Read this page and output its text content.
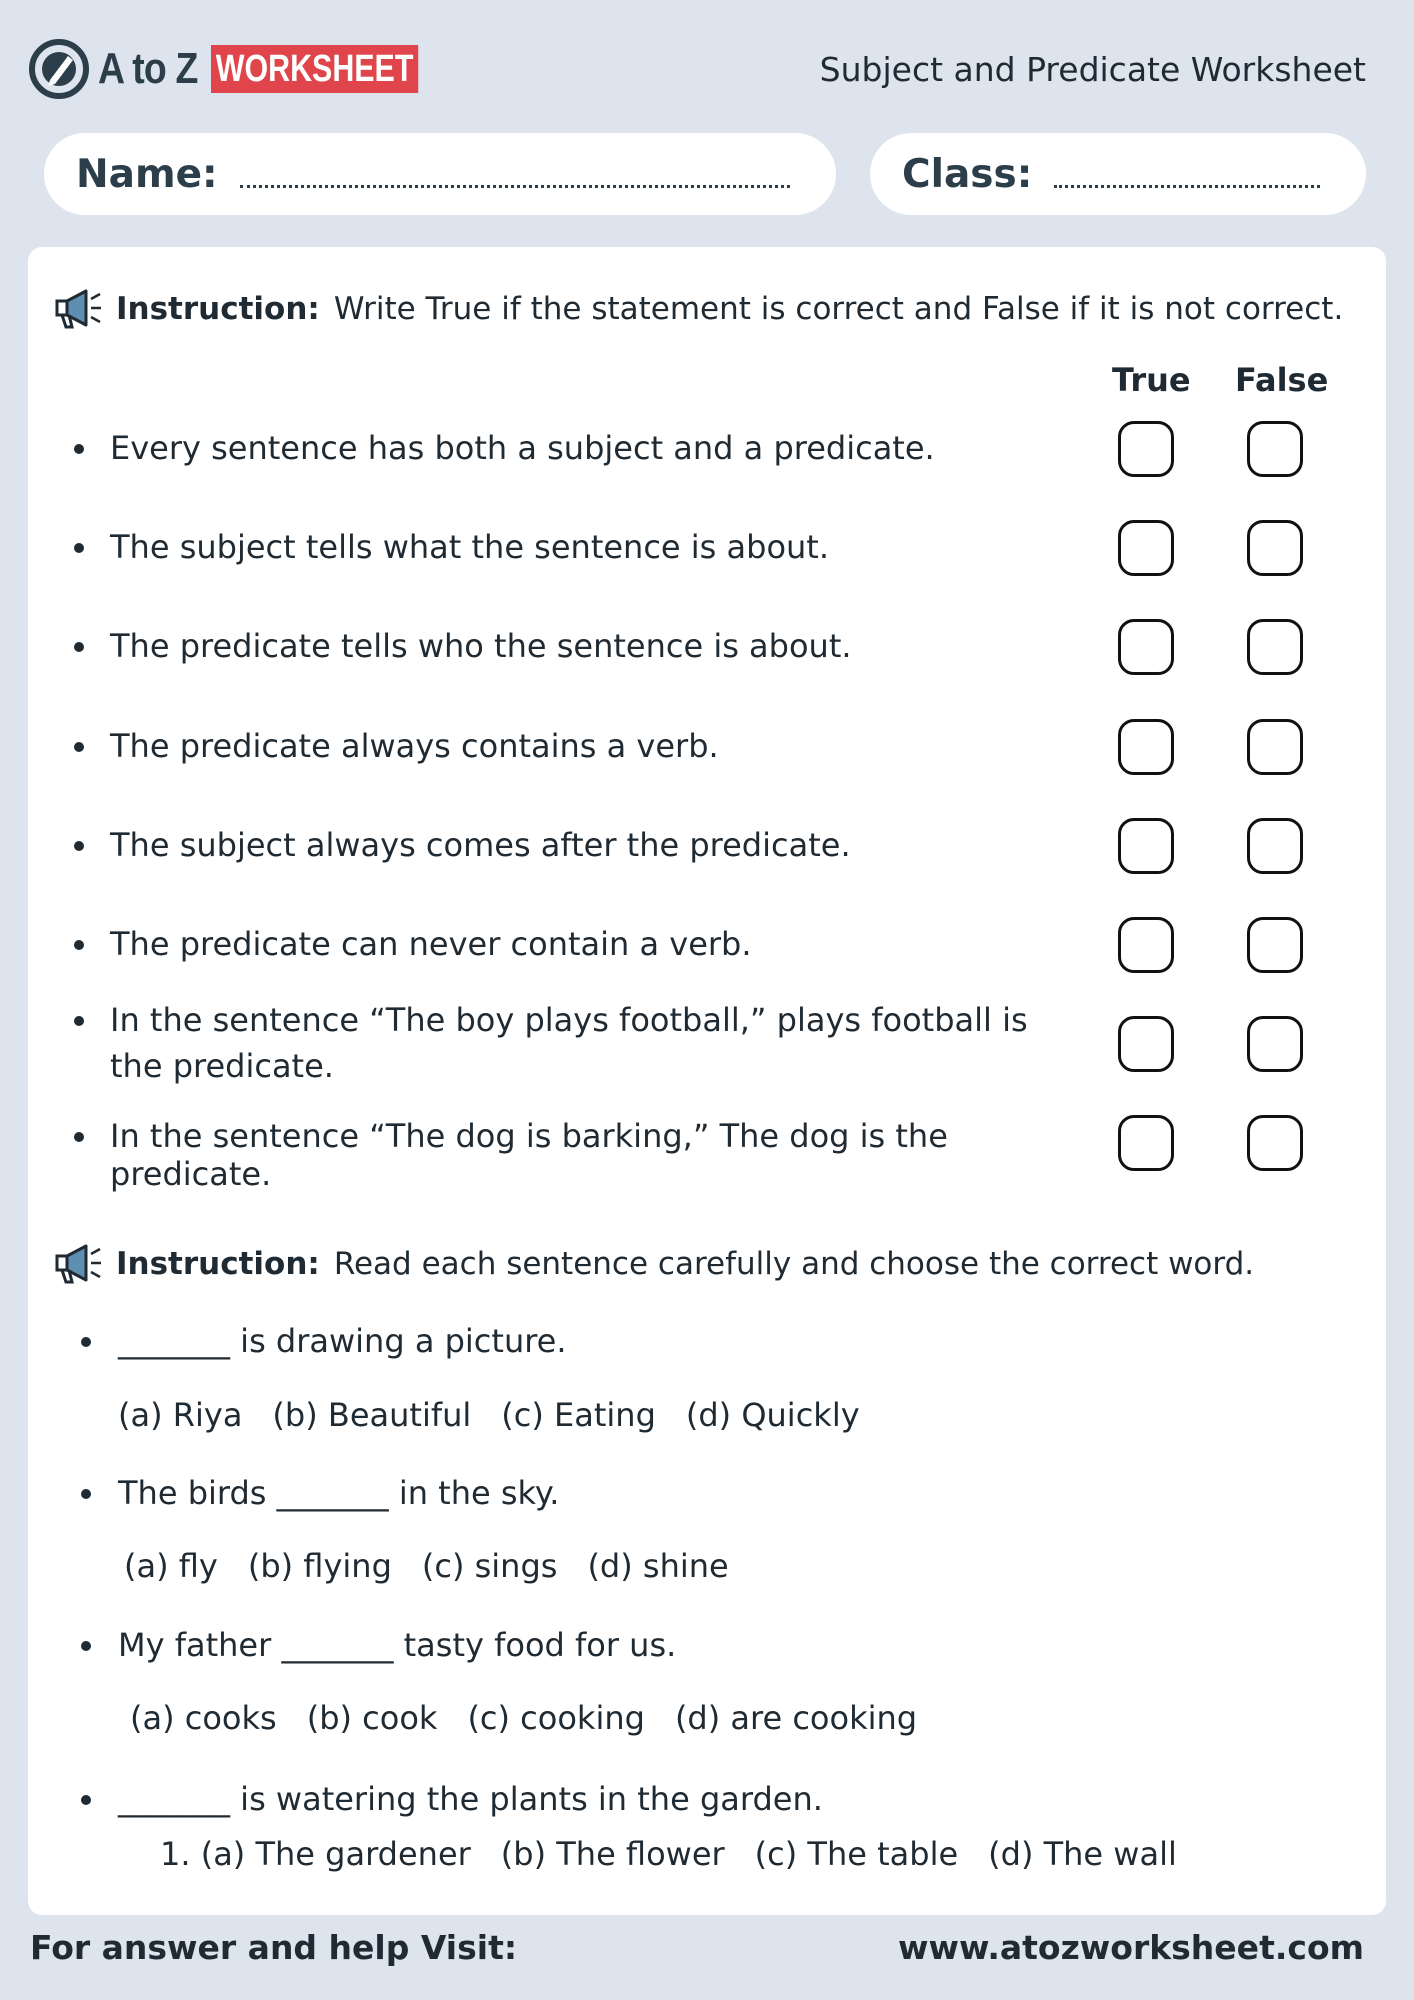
A to Z WORKSHEET	Subject and Predicate Worksheet
Name:	Class:
Instruction: Write True if the statement is correct and False if it is not correct.
True False
Every sentence has both a subject and a predicate.
The subject tells what the sentence is about.
The predicate tells who the sentence is about.
The predicate always contains a verb.
The subject always comes after the predicate.
The predicate can never contain a verb.
In the sentence “The boy plays football,” plays football is the predicate.
In the sentence “The dog is barking,” The dog is the predicate.
Instruction: Read each sentence carefully and choose the correct word.
_______ is drawing a picture.
(a) Riya (b) Beautiful (c) Eating (d) Quickly
The birds _______ in the sky.
(a) fly (b) flying (c) sings (d) shine
My father _______ tasty food for us.
(a) cooks (b) cook (c) cooking (d) are cooking
_______ is watering the plants in the garden.
1. (a) The gardener (b) The flower (c) The table (d) The wall
For answer and help Visit:	www.atozworksheet.com
